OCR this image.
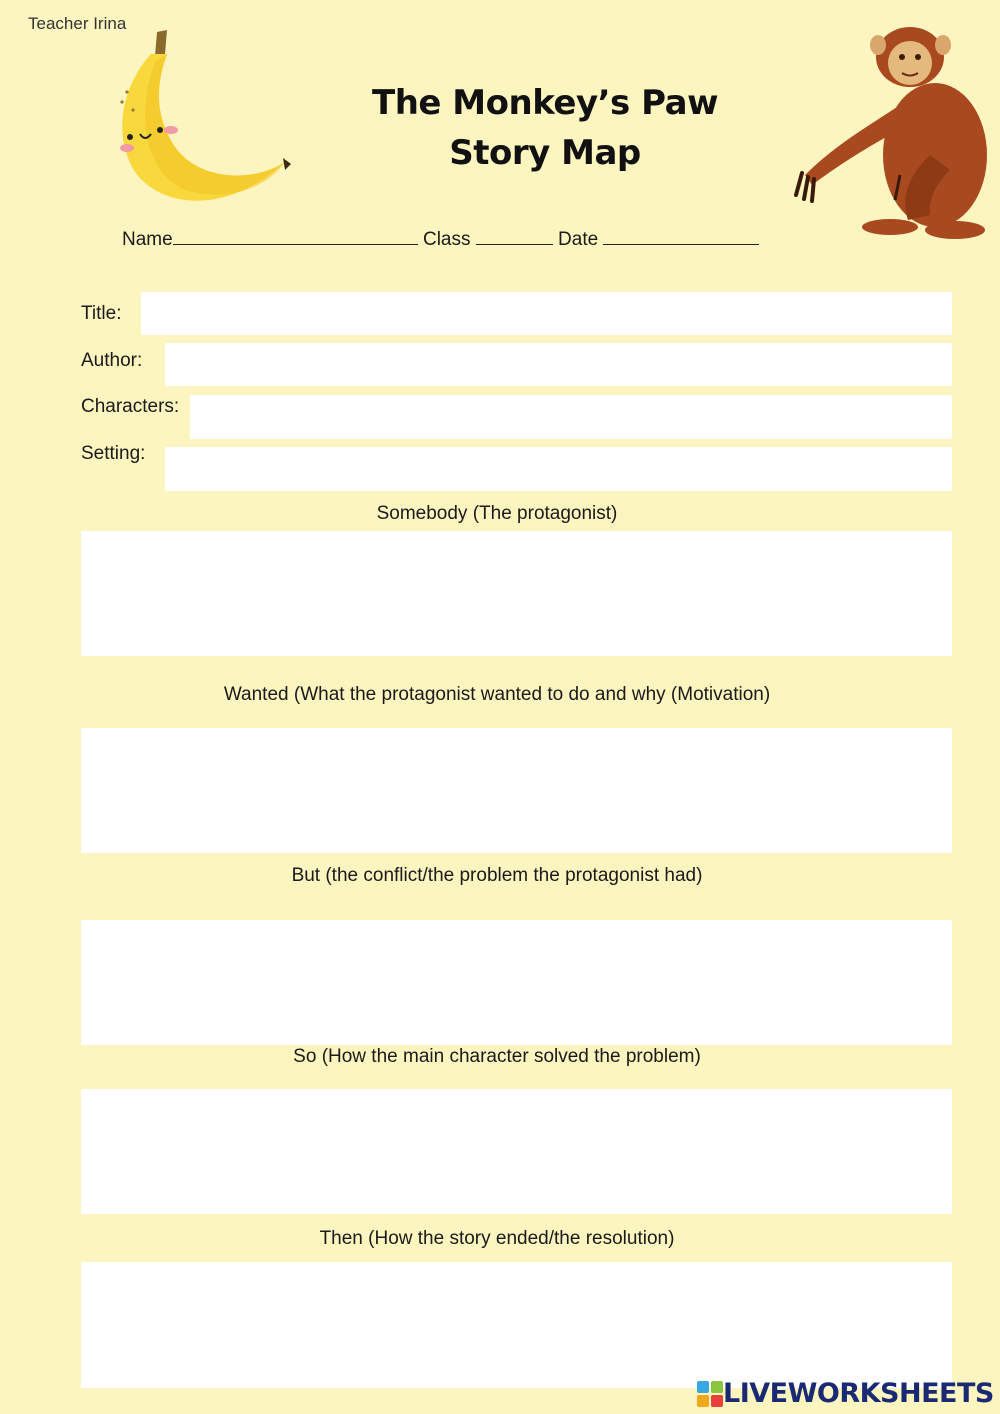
Teacher Irina
The Monkey’s Paw
Story Map
Name	Class	Date
Title:
Author:
Characters:
Setting:
Somebody (The protagonist)
Wanted (What the protagonist wanted to do and why (Motivation)
But (the conflict/the problem the protagonist had)
So (How the main character solved the problem)
Then (How the story ended/the resolution)
LIVEWORKSHEETS
